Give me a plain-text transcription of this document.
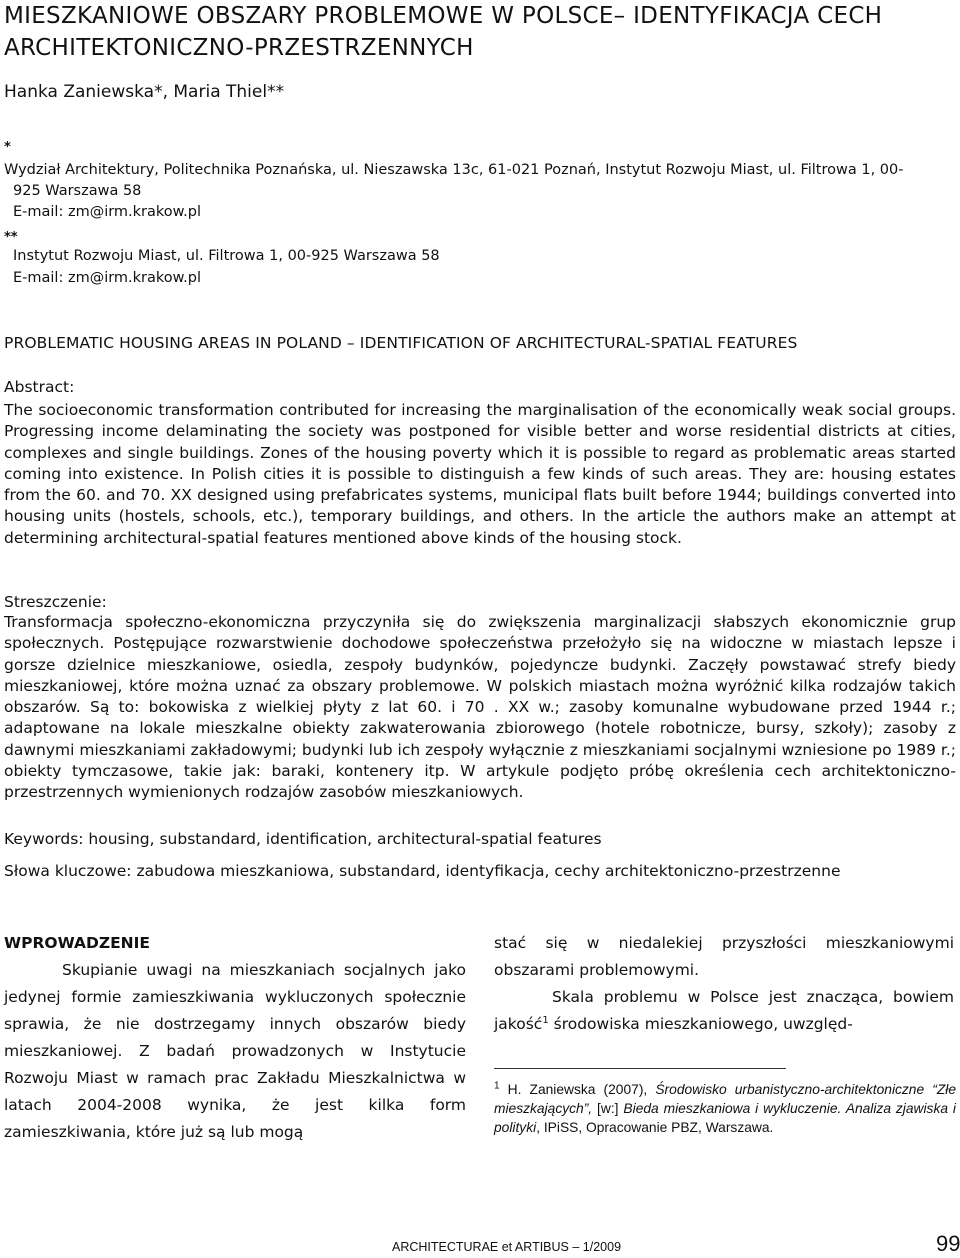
MIESZKANIOWE OBSZARY PROBLEMOWE W POLSCE– IDENTYFIKACJA CECH
ARCHITEKTONICZNO-PRZESTRZENNYCH
Hanka Zaniewska*, Maria Thiel**
*
Wydział Architektury, Politechnika Poznańska, ul. Nieszawska 13c, 61-021 Poznań, Instytut Rozwoju Miast, ul. Filtrowa 1, 00-
925 Warszawa 58
E-mail: zm@irm.krakow.pl
**
Instytut Rozwoju Miast, ul. Filtrowa 1, 00-925 Warszawa 58
E-mail: zm@irm.krakow.pl
PROBLEMATIC HOUSING AREAS IN POLAND – IDENTIFICATION OF ARCHITECTURAL-SPATIAL FEATURES
Abstract:
The socioeconomic transformation contributed for increasing the marginalisation of the economically weak social groups. Progressing income delaminating the society was postponed for visible better and worse residential districts at cities, complexes and single buildings. Zones of the housing poverty which it is possible to regard as problematic areas started coming into existence. In Polish cities it is possible to distinguish a few kinds of such areas. They are: housing estates from the 60. and 70. XX designed using prefabricates systems, municipal flats built before 1944; buildings converted into housing units (hostels, schools, etc.), temporary buildings, and others. In the article the authors make an attempt at determining architectural-spatial features mentioned above kinds of the housing stock.
Streszczenie:
Transformacja społeczno-ekonomiczna przyczyniła się do zwiększenia marginalizacji słabszych ekonomicznie grup społecznych. Postępujące rozwarstwienie dochodowe społeczeństwa przełożyło się na widoczne w miastach lepsze i gorsze dzielnice mieszkaniowe, osiedla, zespoły budynków, pojedyncze budynki. Zaczęły powstawać strefy biedy mieszkaniowej, które można uznać za obszary problemowe. W polskich miastach można wyróżnić kilka rodzajów takich obszarów. Są to: bokowiska z wielkiej płyty z lat 60. i 70 . XX w.; zasoby komunalne wybudowane przed 1944 r.; adaptowane na lokale mieszkalne obiekty zakwaterowania zbiorowego (hotele robotnicze, bursy, szkoły); zasoby z dawnymi mieszkaniami zakładowymi; budynki lub ich zespoły wyłącznie z mieszkaniami socjalnymi wzniesione po 1989 r.; obiekty tymczasowe, takie jak: baraki, kontenery itp. W artykule podjęto próbę określenia cech architektoniczno-przestrzennych wymienionych rodzajów zasobów mieszkaniowych.
Keywords: housing, substandard, identification, architectural-spatial features
Słowa kluczowe: zabudowa mieszkaniowa, substandard, identyfikacja, cechy architektoniczno-przestrzenne
WPROWADZENIE
Skupianie uwagi na mieszkaniach socjalnych jako jedynej formie zamieszkiwania wykluczonych społecznie sprawia, że nie dostrzegamy innych obszarów biedy mieszkaniowej. Z badań prowadzonych w Instytucie Rozwoju Miast w ramach prac Zakładu Mieszkalnictwa w latach 2004-2008 wynika, że jest kilka form zamieszkiwania, które już są lub mogą
stać się w niedalekiej przyszłości mieszkaniowymi obszarami problemowymi.
Skala problemu w Polsce jest znacząca, bowiem jakość$^1$ środowiska mieszkaniowego, uwzględ-
$^1$ H. Zaniewska (2007), Środowisko urbanistyczno-architektoniczne “Złe mieszkających”, [w:] Bieda mieszkaniowa i wykluczenie. Analiza zjawiska i polityki, IPiSS, Opracowanie PBZ, Warszawa.
ARCHITECTURAE et ARTIBUS – 1/2009	99
